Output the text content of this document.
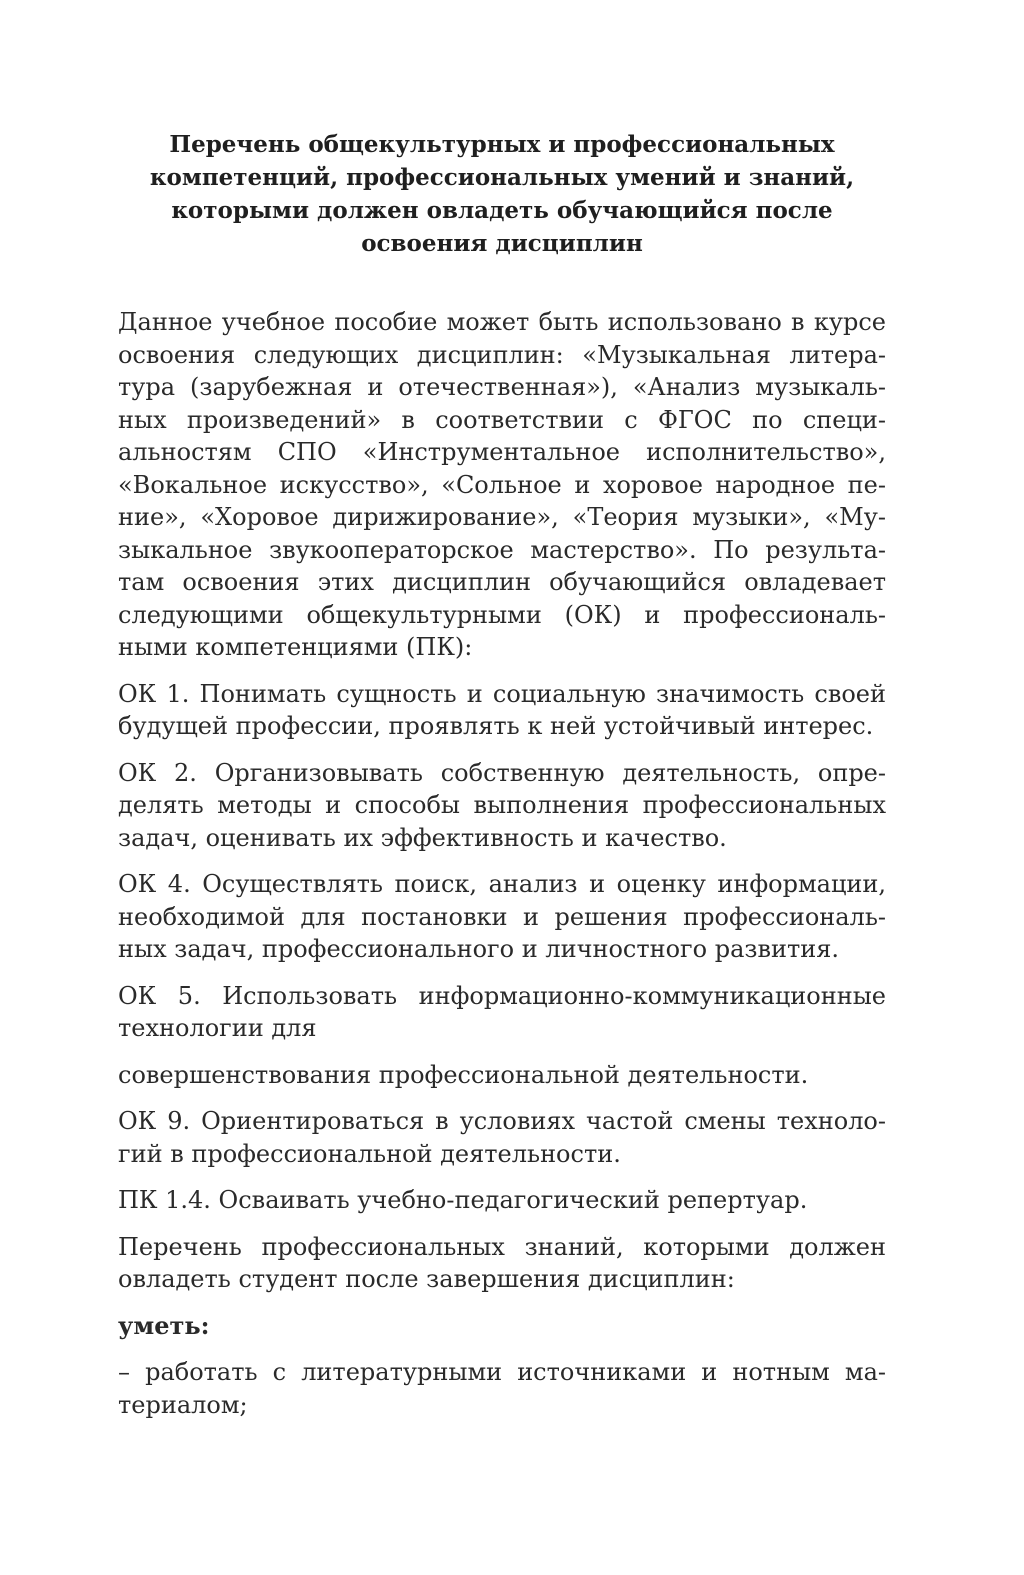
Перечень общекультурных и профессиональных
компетенций, профессиональных умений и знаний,
которыми должен овладеть обучающийся после
освоения дисциплин
Данное учебное пособие может быть использовано в курсе
освоения следующих дисциплин: «Музыкальная литера-
тура (зарубежная и отечественная»), «Анализ музыкаль-
ных произведений» в соответствии с ФГОС по специ-
альностям СПО «Инструментальное исполнительство»,
«Вокальное искусство», «Сольное и хоровое народное пе-
ние», «Хоровое дирижирование», «Теория музыки», «Му-
зыкальное звукооператорское мастерство». По результа-
там освоения этих дисциплин обучающийся овладевает
следующими общекультурными (ОК) и профессиональ-
ными компетенциями (ПК):
ОК 1. Понимать сущность и социальную значимость своей
будущей профессии, проявлять к ней устойчивый интерес.
ОК 2. Организовывать собственную деятельность, опре-
делять методы и способы выполнения профессиональных
задач, оценивать их эффективность и качество.
ОК 4. Осуществлять поиск, анализ и оценку информации,
необходимой для постановки и решения профессиональ-
ных задач, профессионального и личностного развития.
ОК 5. Использовать информационно-коммуникационные
технологии для
совершенствования профессиональной деятельности.
ОК 9. Ориентироваться в условиях частой смены техноло-
гий в профессиональной деятельности.
ПК 1.4. Осваивать учебно-педагогический репертуар.
Перечень профессиональных знаний, которыми должен
овладеть студент после завершения дисциплин:
уметь:
– работать с литературными источниками и нотным ма-
териалом;
